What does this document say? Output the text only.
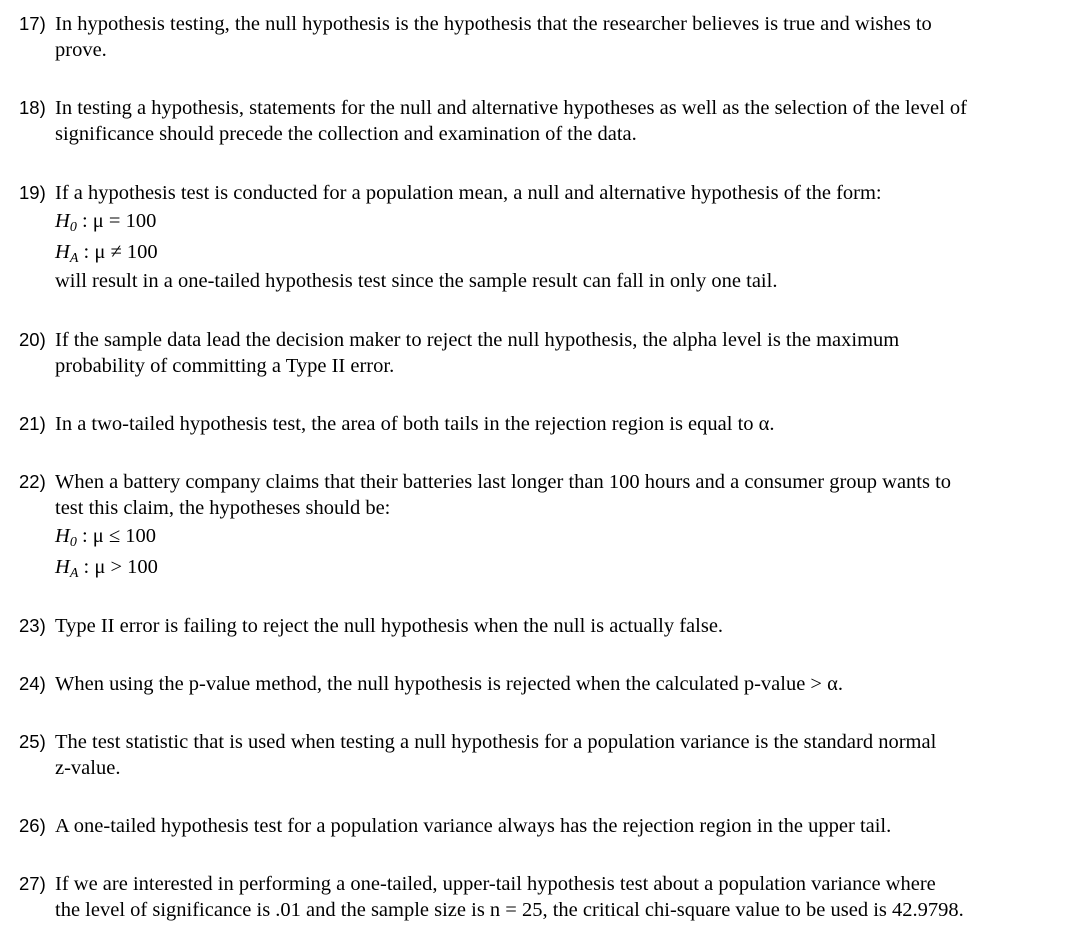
17) In hypothesis testing, the null hypothesis is the hypothesis that the researcher believes is true and wishes to
prove.
18) In testing a hypothesis, statements for the null and alternative hypotheses as well as the selection of the level of
significance should precede the collection and examination of the data.
19) If a hypothesis test is conducted for a population mean, a null and alternative hypothesis of the form:
H0 : μ = 100
HA : μ ≠ 100
will result in a one-tailed hypothesis test since the sample result can fall in only one tail.
20) If the sample data lead the decision maker to reject the null hypothesis, the alpha level is the maximum
probability of committing a Type II error.
21) In a two-tailed hypothesis test, the area of both tails in the rejection region is equal to α.
22) When a battery company claims that their batteries last longer than 100 hours and a consumer group wants to
test this claim, the hypotheses should be:
H0 : μ ≤ 100
HA : μ > 100
23) Type II error is failing to reject the null hypothesis when the null is actually false.
24) When using the p-value method, the null hypothesis is rejected when the calculated p-value > α.
25) The test statistic that is used when testing a null hypothesis for a population variance is the standard normal
z-value.
26) A one-tailed hypothesis test for a population variance always has the rejection region in the upper tail.
27) If we are interested in performing a one-tailed, upper-tail hypothesis test about a population variance where
the level of significance is .01 and the sample size is n = 25, the critical chi-square value to be used is 42.9798.
